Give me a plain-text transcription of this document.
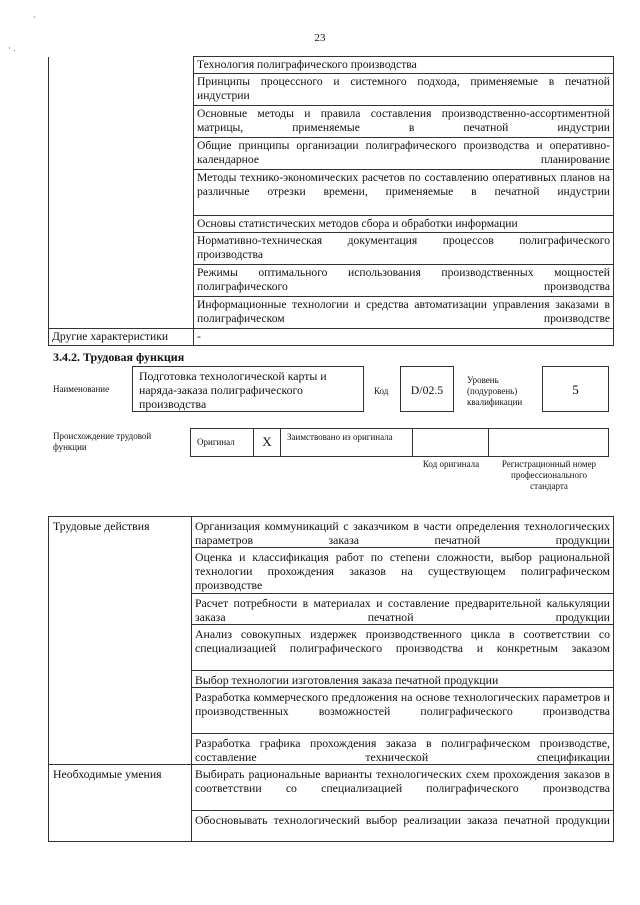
23
`
· .
	Технология полиграфического производства
	Принципы процессного и системного подхода, применяемые в печатной индустрии
	Основные методы и правила составления производственно-ассортиментной матрицы, применяемые в печатной индустрии
	Общие принципы организации полиграфического производства и оперативно-календарное планирование
	Методы технико-экономических расчетов по составлению оперативных планов на различные отрезки времени, применяемые в печатной индустрии
	Основы статистических методов сбора и обработки информации
	Нормативно-техническая документация процессов полиграфического производства
	Режимы оптимального использования производственных мощностей полиграфического производства
	Информационные технологии и средства автоматизации управления заказами в полиграфическом производстве
Другие характеристики	-
3.4.2. Трудовая функция
Наименование
Подготовка технологической карты и наряда-заказа полиграфического производства
Код	D/02.5
Уровень (подуровень) квалификации
5
Происхождение трудовой функции	Оригинал	X	Заимствовано из оригинала
Код оригинала	Регистрационный номер профессионального стандарта
Трудовые действия	Организация коммуникаций с заказчиком в части определения технологических параметров заказа печатной продукции
	Оценка и классификация работ по степени сложности, выбор рациональной технологии прохождения заказов на существующем полиграфическом производстве
	Расчет потребности в материалах и составление предварительной калькуляции заказа печатной продукции
	Анализ совокупных издержек производственного цикла в соответствии со специализацией полиграфического производства и конкретным заказом
	Выбор технологии изготовления заказа печатной продукции
	Разработка коммерческого предложения на основе технологических параметров и производственных возможностей полиграфического производства
	Разработка графика прохождения заказа в полиграфическом производстве, составление технической спецификации
Необходимые умения	Выбирать рациональные варианты технологических схем прохождения заказов в соответствии со специализацией полиграфического производства
	Обосновывать технологический выбор реализации заказа печатной продукции
